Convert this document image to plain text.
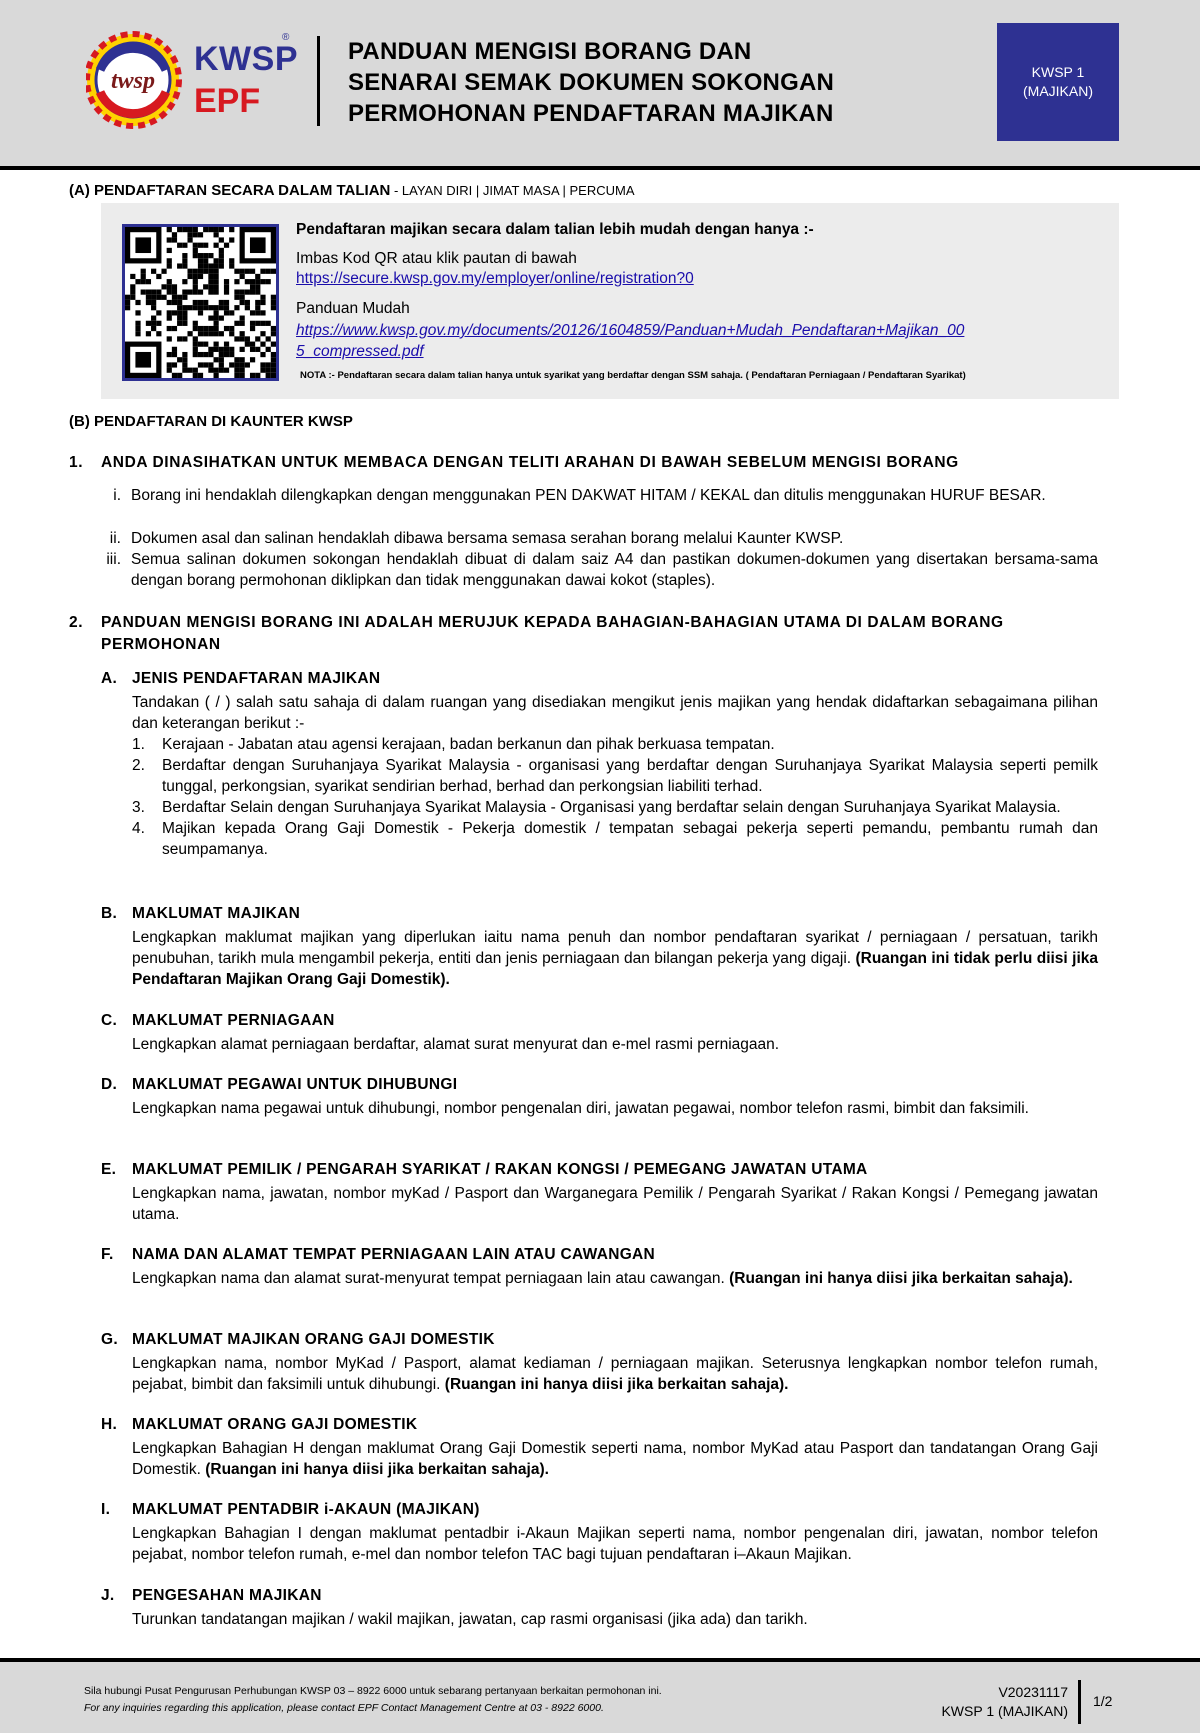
twsp
KWSP
EPF
®
PANDUAN MENGISI BORANG DAN
SENARAI SEMAK DOKUMEN SOKONGAN
PERMOHONAN PENDAFTARAN MAJIKAN
KWSP 1
(MAJIKAN)
(A) PENDAFTARAN SECARA DALAM TALIAN - LAYAN DIRI | JIMAT MASA | PERCUMA
Pendaftaran majikan secara dalam talian lebih mudah dengan hanya :-
Imbas Kod QR atau klik pautan di bawah
https://secure.kwsp.gov.my/employer/online/registration?0
Panduan Mudah
https://www.kwsp.gov.my/documents/20126/1604859/Panduan+Mudah_Pendaftaran+Majikan_00
5_compressed.pdf
NOTA :- Pendaftaran secara dalam talian hanya untuk syarikat yang berdaftar dengan SSM sahaja. ( Pendaftaran Perniagaan / Pendaftaran Syarikat)
(B) PENDAFTARAN DI KAUNTER KWSP
1. ANDA DINASIHATKAN UNTUK MEMBACA DENGAN TELITI ARAHAN DI BAWAH SEBELUM MENGISI BORANG
i. Borang ini hendaklah dilengkapkan dengan menggunakan PEN DAKWAT HITAM / KEKAL dan ditulis menggunakan HURUF BESAR.
ii. Dokumen asal dan salinan hendaklah dibawa bersama semasa serahan borang melalui Kaunter KWSP.
iii. Semua salinan dokumen sokongan hendaklah dibuat di dalam saiz A4 dan pastikan dokumen-dokumen yang disertakan bersama-sama dengan borang permohonan diklipkan dan tidak menggunakan dawai kokot (staples).
2. PANDUAN MENGISI BORANG INI ADALAH MERUJUK KEPADA BAHAGIAN-BAHAGIAN UTAMA DI DALAM BORANG
PERMOHONAN
A. JENIS PENDAFTARAN MAJIKAN
Tandakan ( / ) salah satu sahaja di dalam ruangan yang disediakan mengikut jenis majikan yang hendak didaftarkan sebagaimana pilihan dan keterangan berikut :-
1. Kerajaan - Jabatan atau agensi kerajaan, badan berkanun dan pihak berkuasa tempatan.
2. Berdaftar dengan Suruhanjaya Syarikat Malaysia - organisasi yang berdaftar dengan Suruhanjaya Syarikat Malaysia seperti pemilk tunggal, perkongsian, syarikat sendirian berhad, berhad dan perkongsian liabiliti terhad.
3. Berdaftar Selain dengan Suruhanjaya Syarikat Malaysia - Organisasi yang berdaftar selain dengan Suruhanjaya Syarikat Malaysia.
4. Majikan kepada Orang Gaji Domestik - Pekerja domestik / tempatan sebagai pekerja seperti pemandu, pembantu rumah dan seumpamanya.
B. MAKLUMAT MAJIKAN
Lengkapkan maklumat majikan yang diperlukan iaitu nama penuh dan nombor pendaftaran syarikat / perniagaan / persatuan, tarikh penubuhan, tarikh mula mengambil pekerja, entiti dan jenis perniagaan dan bilangan pekerja yang digaji. (Ruangan ini tidak perlu diisi jika Pendaftaran Majikan Orang Gaji Domestik).
C. MAKLUMAT PERNIAGAAN
Lengkapkan alamat perniagaan berdaftar, alamat surat menyurat dan e-mel rasmi perniagaan.
D. MAKLUMAT PEGAWAI UNTUK DIHUBUNGI
Lengkapkan nama pegawai untuk dihubungi, nombor pengenalan diri, jawatan pegawai, nombor telefon rasmi, bimbit dan faksimili.
E. MAKLUMAT PEMILIK / PENGARAH SYARIKAT / RAKAN KONGSI / PEMEGANG JAWATAN UTAMA
Lengkapkan nama, jawatan, nombor myKad / Pasport dan Warganegara Pemilik / Pengarah Syarikat / Rakan Kongsi / Pemegang jawatan utama.
F. NAMA DAN ALAMAT TEMPAT PERNIAGAAN LAIN ATAU CAWANGAN
Lengkapkan nama dan alamat surat-menyurat tempat perniagaan lain atau cawangan. (Ruangan ini hanya diisi jika berkaitan sahaja).
G. MAKLUMAT MAJIKAN ORANG GAJI DOMESTIK
Lengkapkan nama, nombor MyKad / Pasport, alamat kediaman / perniagaan majikan. Seterusnya lengkapkan nombor telefon rumah, pejabat, bimbit dan faksimili untuk dihubungi. (Ruangan ini hanya diisi jika berkaitan sahaja).
H. MAKLUMAT ORANG GAJI DOMESTIK
Lengkapkan Bahagian H dengan maklumat Orang Gaji Domestik seperti nama, nombor MyKad atau Pasport dan tandatangan Orang Gaji Domestik. (Ruangan ini hanya diisi jika berkaitan sahaja).
I. MAKLUMAT PENTADBIR i-AKAUN (MAJIKAN)
Lengkapkan Bahagian I dengan maklumat pentadbir i-Akaun Majikan seperti nama, nombor pengenalan diri, jawatan, nombor telefon pejabat, nombor telefon rumah, e-mel dan nombor telefon TAC bagi tujuan pendaftaran i–Akaun Majikan.
J. PENGESAHAN MAJIKAN
Turunkan tandatangan majikan / wakil majikan, jawatan, cap rasmi organisasi (jika ada) dan tarikh.
Sila hubungi Pusat Pengurusan Perhubungan KWSP 03 – 8922 6000 untuk sebarang pertanyaan berkaitan permohonan ini.
For any inquiries regarding this application, please contact EPF Contact Management Centre at 03 - 8922 6000.
V20231117
KWSP 1 (MAJIKAN)
1/2
